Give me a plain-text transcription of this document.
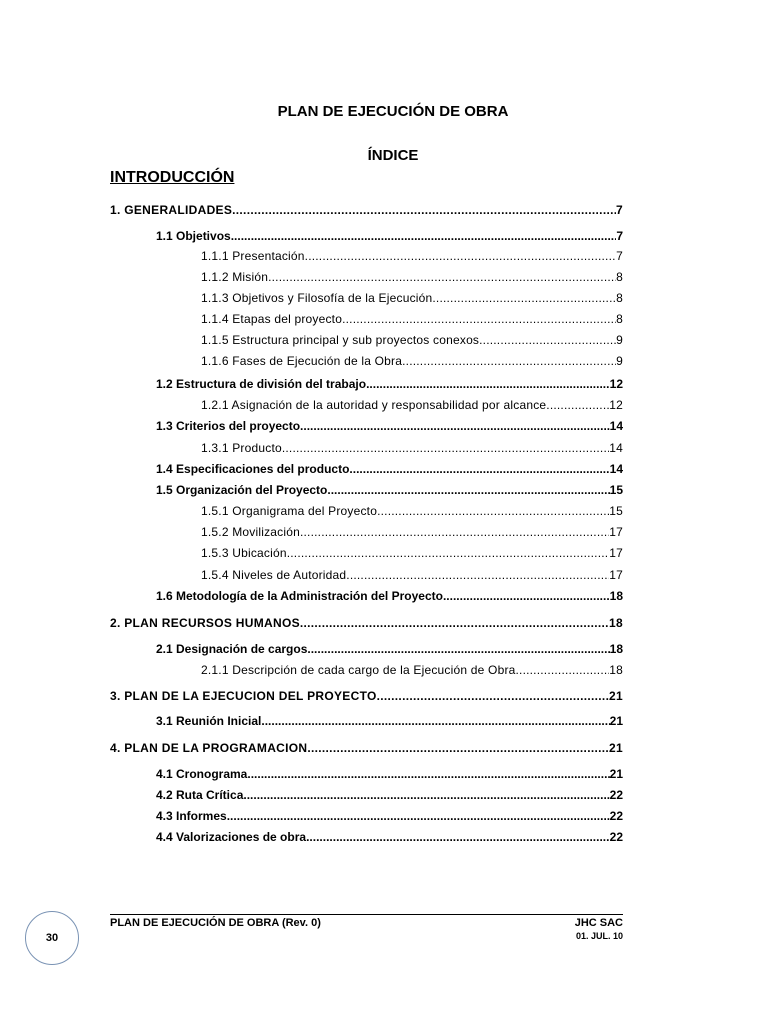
PLAN DE EJECUCIÓN DE OBRA
ÍNDICE
INTRODUCCIÓN
1. GENERALIDADES .....	7
1.1 Objetivos .....	7
1.1.1 Presentación .....	7
1.1.2 Misión .....	8
1.1.3 Objetivos y Filosofía de la Ejecución .....	8
1.1.4 Etapas del proyecto .....	8
1.1.5 Estructura principal y sub proyectos conexos .....	9
1.1.6 Fases de Ejecución de la Obra .....	9
1.2 Estructura de división del trabajo .....	12
1.2.1 Asignación de la autoridad y responsabilidad por alcance .....	12
1.3 Criterios del proyecto .....	14
1.3.1 Producto .....	14
1.4 Especificaciones del producto .....	14
1.5 Organización del Proyecto .....	15
1.5.1 Organigrama del Proyecto .....	15
1.5.2 Movilización .....	17
1.5.3 Ubicación .....	17
1.5.4 Niveles de Autoridad .....	17
1.6 Metodología de la Administración del Proyecto .....	18
2. PLAN RECURSOS HUMANOS .....	18
2.1 Designación de cargos .....	18
2.1.1 Descripción de cada cargo de la Ejecución de Obra .....	18
3. PLAN DE LA EJECUCION DEL PROYECTO .....	21
3.1 Reunión Inicial .....	21
4. PLAN DE LA PROGRAMACION .....	21
4.1 Cronograma .....	21
4.2 Ruta Crítica .....	22
4.3 Informes .....	22
4.4 Valorizaciones de obra .....	22
PLAN DE EJECUCIÓN DE OBRA (Rev. 0)	JHC SAC
01. JUL. 10
30
